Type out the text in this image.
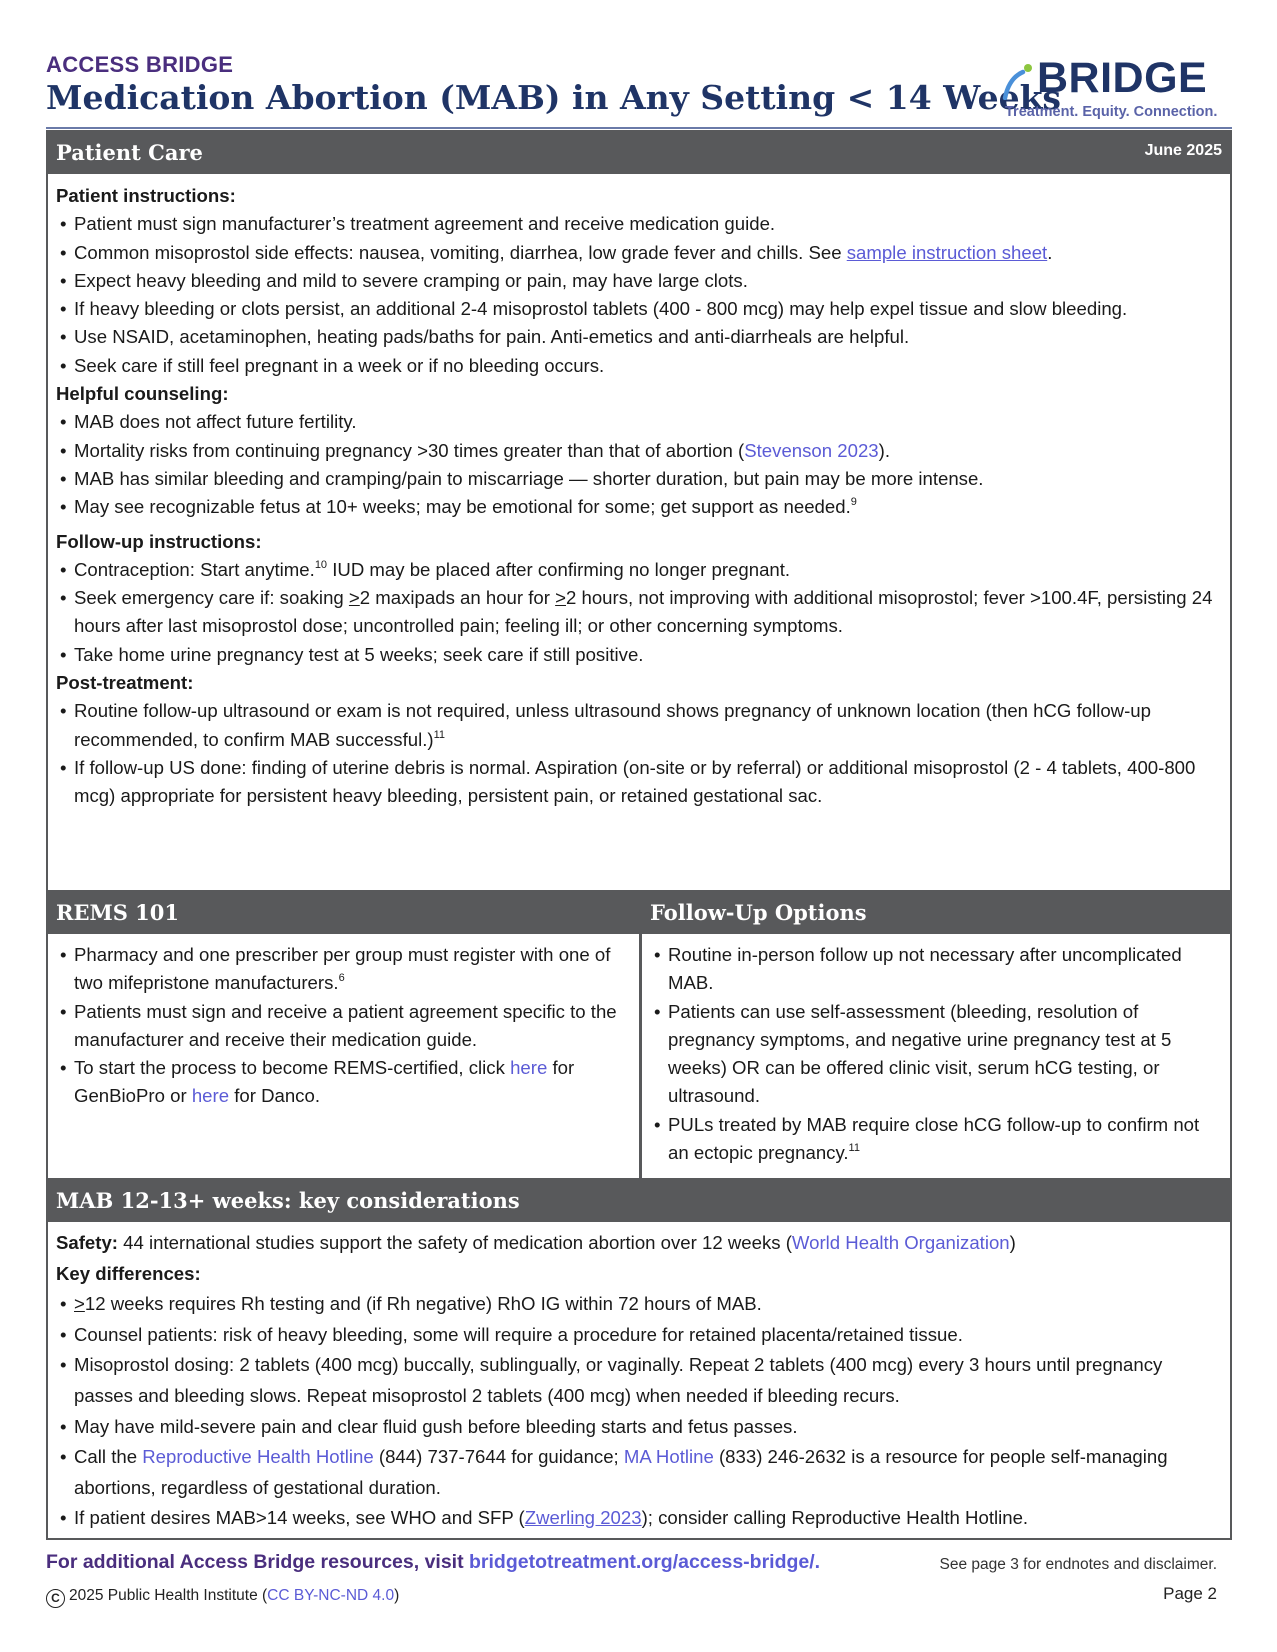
ACCESS BRIDGE
Medication Abortion (MAB) in Any Setting < 14 Weeks
BRIDGE
Treatment. Equity. Connection.
Patient Care	June 2025
Patient instructions:
• Patient must sign manufacturer’s treatment agreement and receive medication guide.
• Common misoprostol side effects: nausea, vomiting, diarrhea, low grade fever and chills. See sample instruction sheet.
• Expect heavy bleeding and mild to severe cramping or pain, may have large clots.
• If heavy bleeding or clots persist, an additional 2-4 misoprostol tablets (400 - 800 mcg) may help expel tissue and slow bleeding.
• Use NSAID, acetaminophen, heating pads/baths for pain. Anti-emetics and anti-diarrheals are helpful.
• Seek care if still feel pregnant in a week or if no bleeding occurs.
Helpful counseling:
• MAB does not affect future fertility.
• Mortality risks from continuing pregnancy >30 times greater than that of abortion (Stevenson 2023).
• MAB has similar bleeding and cramping/pain to miscarriage — shorter duration, but pain may be more intense.
• May see recognizable fetus at 10+ weeks; may be emotional for some; get support as needed.$^9$
Follow-up instructions:
• Contraception: Start anytime.$^{10}$ IUD may be placed after confirming no longer pregnant.
• Seek emergency care if: soaking ≥2 maxipads an hour for ≥2 hours, not improving with additional misoprostol; fever >100.4F, persisting 24 hours after last misoprostol dose; uncontrolled pain; feeling ill; or other concerning symptoms.
• Take home urine pregnancy test at 5 weeks; seek care if still positive.
Post-treatment:
• Routine follow-up ultrasound or exam is not required, unless ultrasound shows pregnancy of unknown location (then hCG follow-up recommended, to confirm MAB successful.)$^{11}$
• If follow-up US done: finding of uterine debris is normal. Aspiration (on-site or by referral) or additional misoprostol (2 - 4 tablets, 400-800 mcg) appropriate for persistent heavy bleeding, persistent pain, or retained gestational sac.
REMS 101
• Pharmacy and one prescriber per group must register with one of two mifepristone manufacturers.$^6$
• Patients must sign and receive a patient agreement specific to the manufacturer and receive their medication guide.
• To start the process to become REMS-certified, click here for GenBioPro or here for Danco.
Follow-Up Options
• Routine in-person follow up not necessary after uncomplicated MAB.
• Patients can use self-assessment (bleeding, resolution of pregnancy symptoms, and negative urine pregnancy test at 5 weeks) OR can be offered clinic visit, serum hCG testing, or ultrasound.
• PULs treated by MAB require close hCG follow-up to confirm not an ectopic pregnancy.$^{11}$
MAB 12-13+ weeks: key considerations
Safety: 44 international studies support the safety of medication abortion over 12 weeks (World Health Organization)
Key differences:
• ≥12 weeks requires Rh testing and (if Rh negative) RhO IG within 72 hours of MAB.
• Counsel patients: risk of heavy bleeding, some will require a procedure for retained placenta/retained tissue.
• Misoprostol dosing: 2 tablets (400 mcg) buccally, sublingually, or vaginally. Repeat 2 tablets (400 mcg) every 3 hours until pregnancy passes and bleeding slows. Repeat misoprostol 2 tablets (400 mcg) when needed if bleeding recurs.
• May have mild-severe pain and clear fluid gush before bleeding starts and fetus passes.
• Call the Reproductive Health Hotline (844) 737-7644 for guidance; MA Hotline (833) 246-2632 is a resource for people self-managing abortions, regardless of gestational duration.
• If patient desires MAB>14 weeks, see WHO and SFP (Zwerling 2023); consider calling Reproductive Health Hotline.
For additional Access Bridge resources, visit bridgetotreatment.org/access-bridge/.	See page 3 for endnotes and disclaimer.
C 2025 Public Health Institute (CC BY-NC-ND 4.0)	Page 2
